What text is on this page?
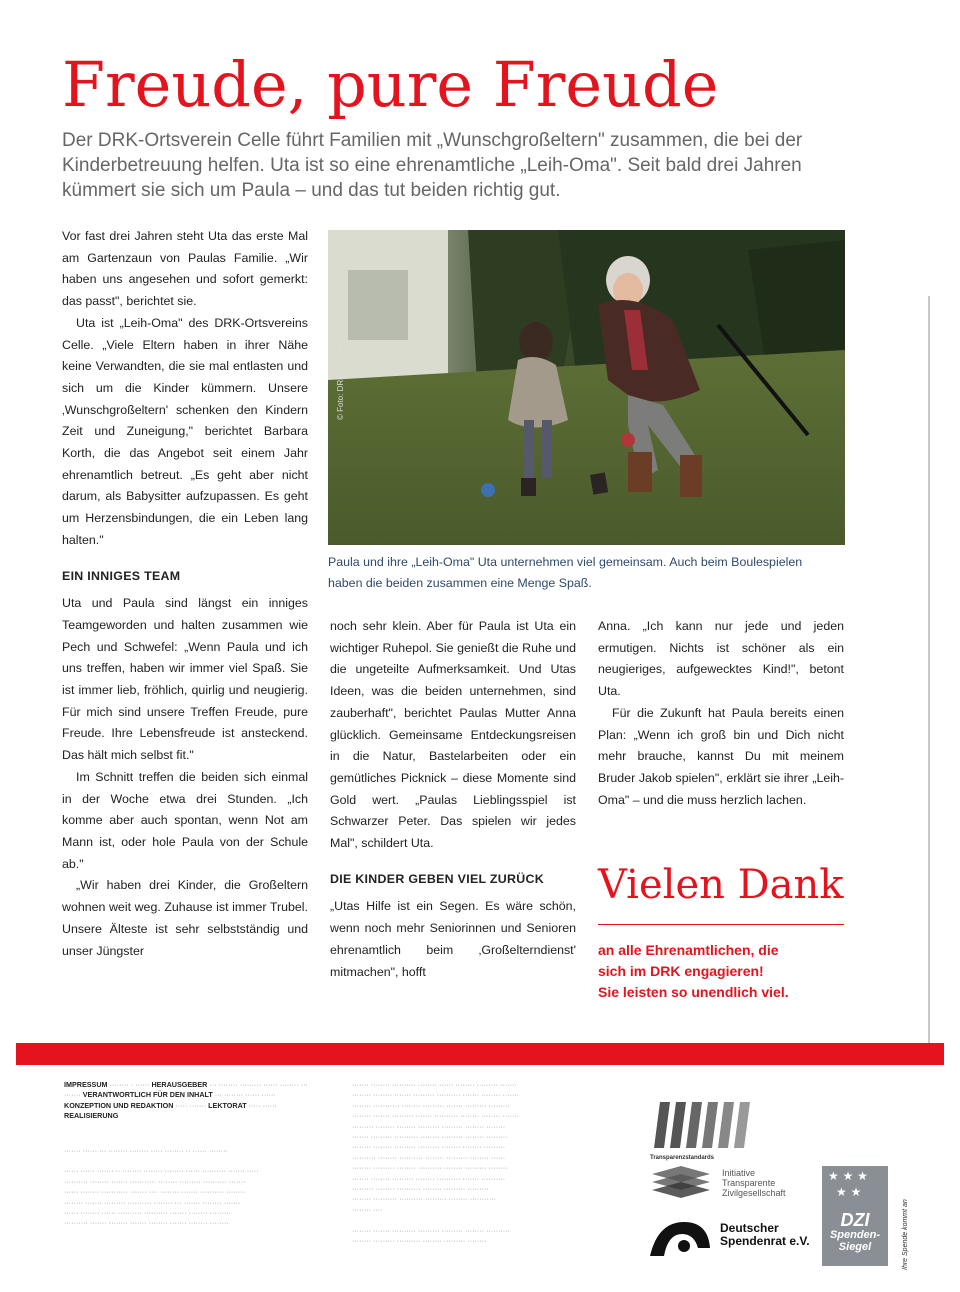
Freude, pure Freude
Der DRK-Ortsverein Celle führt Familien mit „Wunschgroßeltern" zusammen, die bei der Kinderbetreuung helfen. Uta ist so eine ehrenamtliche „Leih-Oma". Seit bald drei Jahren kümmert sie sich um Paula – und das tut beiden richtig gut.

Vor fast drei Jahren steht Uta das erste Mal am Gartenzaun von Paulas Familie. „Wir haben uns angesehen und sofort gemerkt: das passt", berichtet sie.

Uta ist „Leih-Oma" des DRK-Ortsvereins Celle. „Viele Eltern haben in ihrer Nähe keine Verwandten, die sie mal entlasten und sich um die Kinder kümmern. Unsere ‚Wunschgroßeltern' schenken den Kindern Zeit und Zuneigung," berichtet Barbara Korth, die das Angebot seit einem Jahr ehrenamtlich betreut. „Es geht aber nicht darum, als Babysitter aufzupassen. Es geht um Herzensbindungen, die ein Leben lang halten."

EIN INNIGES TEAM

Uta und Paula sind längst ein inniges Teamgeworden und halten zusammen wie Pech und Schwefel: „Wenn Paula und ich uns treffen, haben wir immer viel Spaß. Sie ist immer lieb, fröhlich, quirlig und neugierig. Für mich sind unsere Treffen Freude, pure Freude. Ihre Lebensfreude ist ansteckend. Das hält mich selbst fit."

Im Schnitt treffen die beiden sich einmal in der Woche etwa drei Stunden. „Ich komme aber auch spontan, wenn Not am Mann ist, oder hole Paula von der Schule ab."

„Wir haben drei Kinder, die Großeltern wohnen weit weg. Zuhause ist immer Trubel. Unsere Älteste ist sehr selbstständig und unser Jüngster

© Foto: DRK-Ortsverein Celle
Paula und ihre „Leih-Oma" Uta unternehmen viel gemeinsam. Auch beim Boulespielen haben die beiden zusammen eine Menge Spaß.

noch sehr klein. Aber für Paula ist Uta ein wichtiger Ruhepol. Sie genießt die Ruhe und die ungeteilte Aufmerksamkeit. Und Utas Ideen, was die beiden unternehmen, sind zauberhaft", berichtet Paulas Mutter Anna glücklich. Gemeinsame Entdeckungsreisen in die Natur, Bastelarbeiten oder ein gemütliches Picknick – diese Momente sind Gold wert. „Paulas Lieblingsspiel ist Schwarzer Peter. Das spielen wir jedes Mal", schildert Uta.

DIE KINDER GEBEN VIEL ZURÜCK

„Utas Hilfe ist ein Segen. Es wäre schön, wenn noch mehr Seniorinnen und Senioren ehrenamtlich beim ‚Großelterndienst' mitmachen", hofft

Anna. „Ich kann nur jede und jeden ermutigen. Nichts ist schöner als ein neugieriges, aufgewecktes Kind!", betont Uta.

Für die Zukunft hat Paula bereits einen Plan: „Wenn ich groß bin und Dich nicht mehr brauche, kannst Du mit meinem Bruder Jakob spielen", erklärt sie ihrer „Leih-Oma" – und die muss herzlich lachen.

Vielen Dank
an alle Ehrenamtlichen, die
sich im DRK engagieren!
Sie leisten so unendlich viel.
IMPRESSUM ········ · ······ HERAUSGEBER ··· ········ ········· ······ ········ ··· ······· VERANTWORTLICH FÜR DEN INHALT ··· ········ ······ ······ KONZEPTION UND REDAKTION ····· ······· LEKTORAT ····· ······ REALISIERUNG
······· ······ ··· ········ ········ ····· ········ ·· ······ ········

······ ······ ······· ·· ········ ········ ········ ······ ·········· ······· ·····
·········· ········ ······· ··········· ········ ········· ·········· ·······
······ ········ ··········· ······· ···· ········ ······· ·········· ········
········ ······· ········· ·········· ········ ··· ······· ········ ·······
······ ········ ······ ·········· ·········· ······· ········ ·········
·········· ······· ········ ······· ········ ······· ········ ········
······· ········ ·········· ········ ······ ········ ········· ·······
········ ········ ······· ········· ·········· ······· ········ ·······
········ ··········· ········ ········· ······· ········· ·········
········ ······· ········· ······· ·········· ········ ········ ·······
········· ········ ········ ········· ········· ········ ········
······· ········· ·········· ········ ········· ········ ·········
········ ········ ········· ········· ········ ········ ·········
·········· ········ ·········· ········ ········· ········ ······
········ ········· ········ ·········· ········ ········· ········
······· ········ ········· ········ ·········· ······· ··········
········· ········ ·········· ········ ········· ·········
········ ·········· ·········· ········· ········ ···········
········ ····

········ ······· ·········· ········· ········· ········ ··········
········ ········· ·········· ········ ········· ········
Transparenzstandards
Initiative
Transparente
Zivilgesellschaft
Deutscher
Spendenrat e.V.
★ ★ ★
★ ★
DZI
Spenden-
Siegel	Ihre Spende kommt an
